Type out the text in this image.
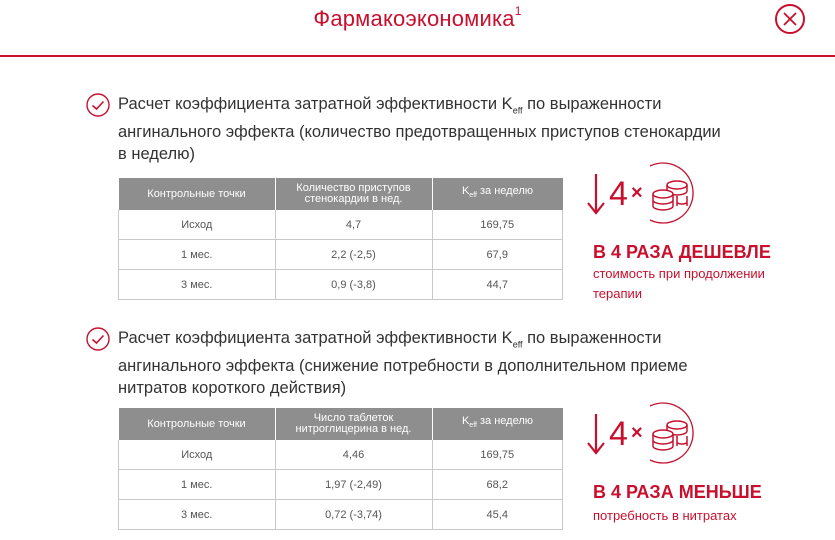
Фармакоэкономика$^1$
Расчет коэффициента затратной эффективности $K_{eff}$ по выраженности ангинального эффекта (количество предотвращенных приступов стенокардии в неделю)
Контрольные точки	Количество приступов стенокардии в нед.	$K_{eff}$ за неделю
Исход	4,7	169,75
1 мес.	2,2 (-2,5)	67,9
3 мес.	0,9 (-3,8)	44,7
4 ×
В 4 РАЗА ДЕШЕВЛЕ
стоимость при продолжении терапии
Расчет коэффициента затратной эффективности $K_{eff}$ по выраженности ангинального эффекта (снижение потребности в дополнительном приеме нитратов короткого действия)
Контрольные точки	Число таблеток нитроглицерина в нед.	$K_{eff}$ за неделю
Исход	4,46	169,75
1 мес.	1,97 (-2,49)	68,2
3 мес.	0,72 (-3,74)	45,4
4 ×
В 4 РАЗА МЕНЬШЕ
потребность в нитратах
